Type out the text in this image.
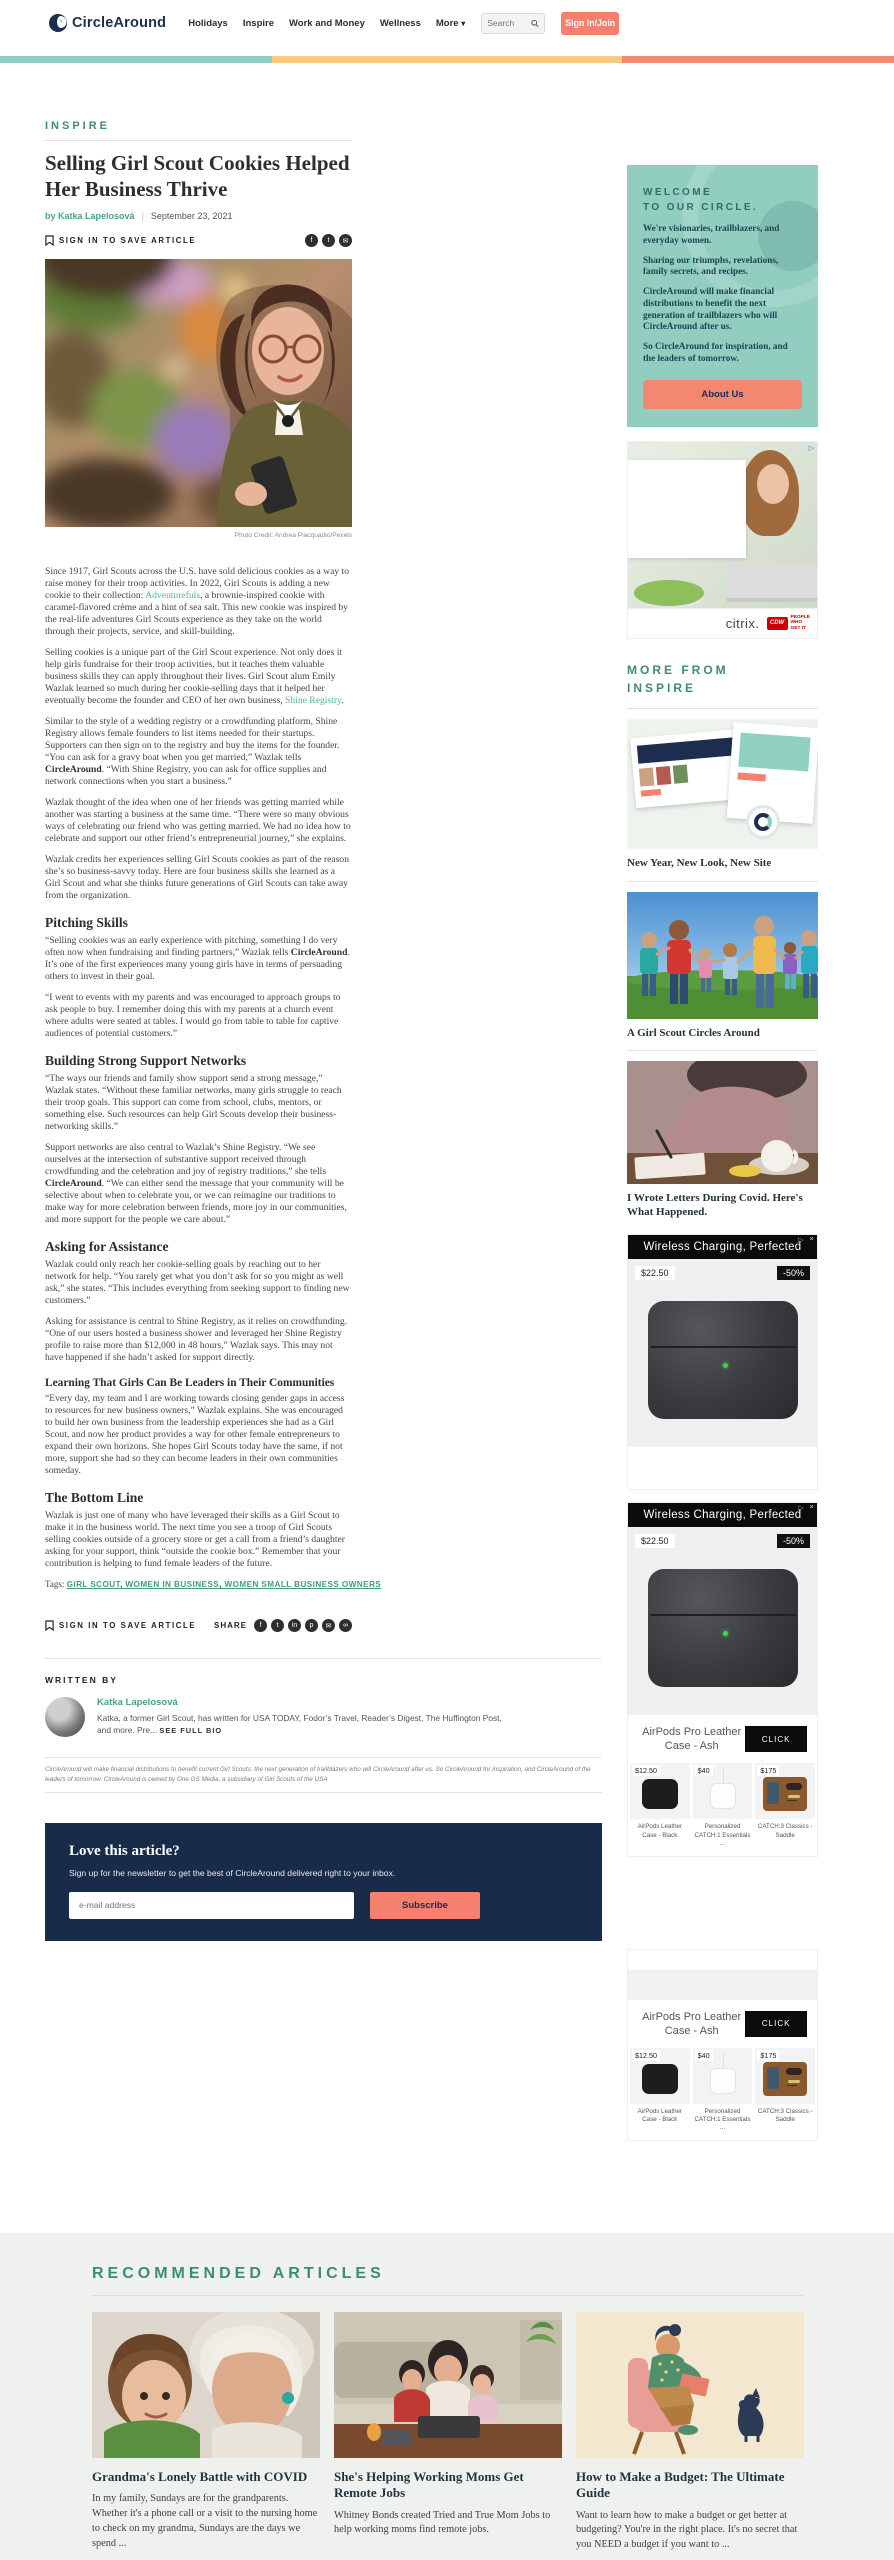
CircleAround Holidays Inspire Work and Money Wellness More ▾
Search	Sign In/Join
INSPIRE
Selling Girl Scout Cookies Helped Her Business Thrive
by Katka Lapelosová | September 23, 2021
SIGN IN TO SAVE ARTICLE	f	t	✉
Photo Credit: Andrea Piacquadio/Pexels

Since 1917, Girl Scouts across the U.S. have sold delicious cookies as a way to raise money for their troop activities. In 2022, Girl Scouts is adding a new cookie to their collection: Adventurefuls, a brownie-inspired cookie with caramel-flavored crème and a hint of sea salt. This new cookie was inspired by the real-life adventures Girl Scouts experience as they take on the world through their projects, service, and skill-building.

Selling cookies is a unique part of the Girl Scout experience. Not only does it help girls fundraise for their troop activities, but it teaches them valuable business skills they can apply throughout their lives. Girl Scout alum Emily Wazlak learned so much during her cookie-selling days that it helped her eventually become the founder and CEO of her own business, Shine Registry.

Similar to the style of a wedding registry or a crowdfunding platform, Shine Registry allows female founders to list items needed for their startups. Supporters can then sign on to the registry and buy the items for the founder. “You can ask for a gravy boat when you get married,” Wazlak tells CircleAround. “With Shine Registry, you can ask for office supplies and network connections when you start a business.”

Wazlak thought of the idea when one of her friends was getting married while another was starting a business at the same time. “There were so many obvious ways of celebrating our friend who was getting married. We had no idea how to celebrate and support our other friend’s entrepreneurial journey,” she explains.

Wazlak credits her experiences selling Girl Scouts cookies as part of the reason she’s so business-savvy today. Here are four business skills she learned as a Girl Scout and what she thinks future generations of Girl Scouts can take away from the organization.

Pitching Skills

“Selling cookies was an early experience with pitching, something I do very often now when fundraising and finding partners,” Wazlak tells CircleAround. It’s one of the first experiences many young girls have in terms of persuading others to invest in their goal.

“I went to events with my parents and was encouraged to approach groups to ask people to buy. I remember doing this with my parents at a church event where adults were seated at tables. I would go from table to table for captive audiences of potential customers.”

Building Strong Support Networks

“The ways our friends and family show support send a strong message,” Wazlak states. “Without these familiar networks, many girls struggle to reach their troop goals. This support can come from school, clubs, mentors, or something else. Such resources can help Girl Scouts develop their business-networking skills.”

Support networks are also central to Wazlak’s Shine Registry. “We see ourselves at the intersection of substantive support received through crowdfunding and the celebration and joy of registry traditions,” she tells CircleAround. “We can either send the message that your community will be selective about when to celebrate you, or we can reimagine our traditions to make way for more celebration between friends, more joy in our communities, and more support for the people we care about.”

Asking for Assistance

Wazlak could only reach her cookie-selling goals by reaching out to her network for help. “You rarely get what you don’t ask for so you might as well ask,” she states. “This includes everything from seeking support to finding new customers.”

Asking for assistance is central to Shine Registry, as it relies on crowdfunding. “One of our users hosted a business shower and leveraged her Shine Registry profile to raise more than $12,000 in 48 hours,” Wazlak says. This may not have happened if she hadn’t asked for support directly.

Learning That Girls Can Be Leaders in Their Communities

“Every day, my team and I are working towards closing gender gaps in access to resources for new business owners,” Wazlak explains. She was encouraged to build her own business from the leadership experiences she had as a Girl Scout, and now her product provides a way for other female entrepreneurs to expand their own horizons. She hopes Girl Scouts today have the same, if not more, support she had so they can become leaders in their own communities someday.

The Bottom Line

Wazlak is just one of many who have leveraged their skills as a Girl Scout to make it in the business world. The next time you see a troop of Girl Scouts selling cookies outside of a grocery store or get a call from a friend’s daughter asking for your support, think “outside the cookie box.” Remember that your contribution is helping to fund female leaders of the future.

Tags: GIRL SCOUT , WOMEN IN BUSINESS , WOMEN SMALL BUSINESS OWNERS
SIGN IN TO SAVE ARTICLE SHARE	f	t	in	p	✉	∞
WRITTEN BY
Katka Lapelosová
Katka, a former Girl Scout, has written for USA TODAY, Fodor’s Travel, Reader’s Digest, The Huffington Post, and more. Pre... SEE FULL BIO
CircleAround will make financial distributions to benefit current Girl Scouts: the next generation of trailblazers who will CircleAround after us. So CircleAround for inspiration, and CircleAround of the leaders of tomorrow. CircleAround is owned by One GS Media, a subsidiary of Girl Scouts of the USA
Love this article?
Sign up for the newsletter to get the best of CircleAround delivered right to your inbox.
e-mail address
Subscribe
WELCOME
TO OUR CIRCLE.

We're visionaries, trailblazers, and everyday women.

Sharing our triumphs, revelations, family secrets, and recipes.

CircleAround will make financial distributions to benefit the next generation of trailblazers who will CircleAround after us.

So CircleAround for inspiration, and the leaders of tomorrow.

About Us
▷
citrix.	CDW
PEOPLE
WHO
GET IT
MORE FROM
INSPIRE
New Year, New Look, New Site
A Girl Scout Circles Around
I Wrote Letters During Covid. Here's What Happened.
Wireless Charging, Perfected
▷ ×
$22.50	-50%
Wireless Charging, Perfected
▷ ×
$22.50	-50%
AirPods Pro Leather Case - Ash
CLICK
$12.50
AirPods Leather Case - Black
$40
Personalized CATCH:1 Essentials ...
$175
CATCH:3 Classics - Saddle
AirPods Pro Leather Case - Ash
CLICK
$12.50
AirPods Leather Case - Black
$40
Personalized CATCH:1 Essentials ...
$175
CATCH:3 Classics - Saddle
RECOMMENDED ARTICLES
Grandma's Lonely Battle with COVID
In my family, Sundays are for the grandparents. Whether it's a phone call or a visit to the nursing home to check on my grandma, Sundays are the days we spend ...
She's Helping Working Moms Get Remote Jobs
Whitney Bonds created Tried and True Mom Jobs to help working moms find remote jobs.
How to Make a Budget: The Ultimate Guide
Want to learn how to make a budget or get better at budgeting? You're in the right place. It's no secret that you NEED a budget if you want to ...
